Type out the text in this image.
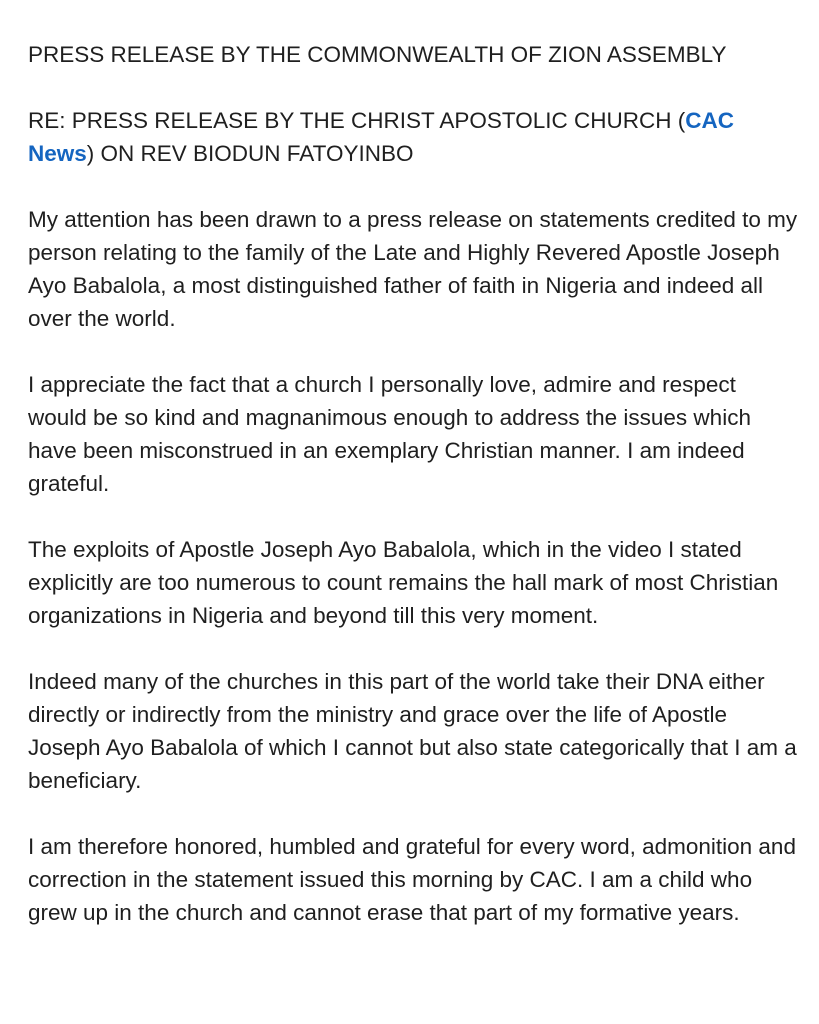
PRESS RELEASE BY THE COMMONWEALTH OF ZION ASSEMBLY

RE: PRESS RELEASE BY THE CHRIST APOSTOLIC CHURCH (CAC News) ON REV BIODUN FATOYINBO

My attention has been drawn to a press release on statements credited to my person relating to the family of the Late and Highly Revered Apostle Joseph Ayo Babalola, a most distinguished father of faith in Nigeria and indeed all over the world.

I appreciate the fact that a church I personally love, admire and respect would be so kind and magnanimous enough to address the issues which have been misconstrued in an exemplary Christian manner. I am indeed grateful.

The exploits of Apostle Joseph Ayo Babalola, which in the video I stated explicitly are too numerous to count remains the hall mark of most Christian organizations in Nigeria and beyond till this very moment.

Indeed many of the churches in this part of the world take their DNA either directly or indirectly from the ministry and grace over the life of Apostle Joseph Ayo Babalola of which I cannot but also state categorically that I am a beneficiary.

I am therefore honored, humbled and grateful for every word, admonition and correction in the statement issued this morning by CAC. I am a child who grew up in the church and cannot erase that part of my formative years.
